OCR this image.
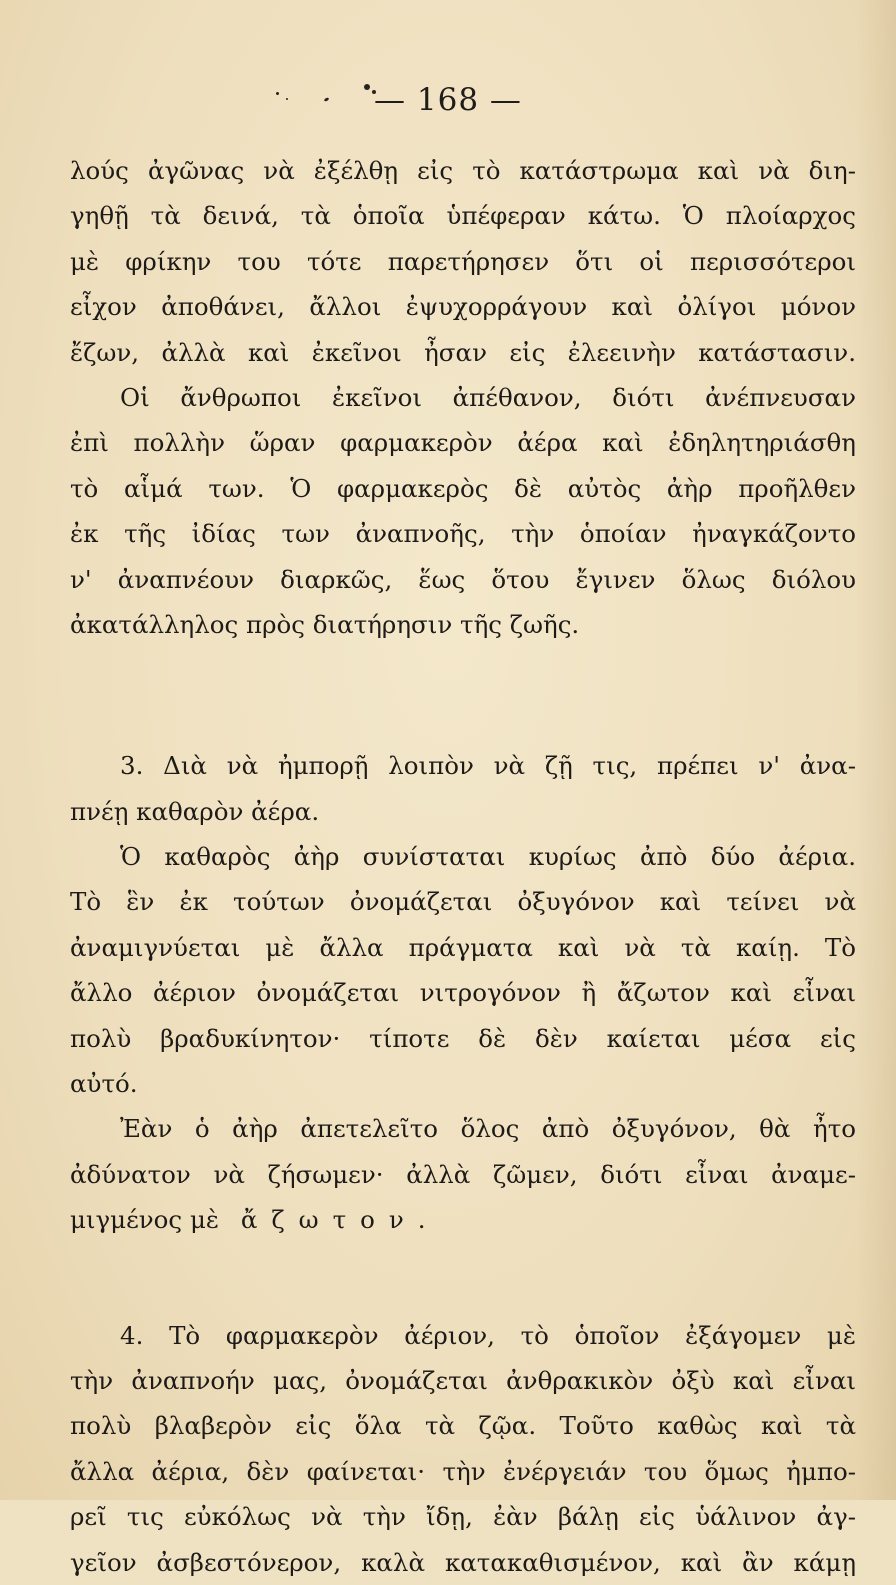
— 168 —
λούς ἀγῶνας νὰ ἐξέλθῃ εἰς τὸ κατάστρωμα καὶ νὰ διη-
γηθῇ τὰ δεινά, τὰ ὁποῖα ὑπέφεραν κάτω. Ὁ πλοίαρχος
μὲ φρίκην του τότε παρετήρησεν ὅτι οἱ περισσότεροι
εἶχον ἀποθάνει, ἄλλοι ἐψυχορράγουν καὶ ὀλίγοι μόνον
ἔζων, ἀλλὰ καὶ ἐκεῖνοι ἦσαν εἰς ἐλεεινὴν κατάστασιν.
Οἱ ἄνθρωποι ἐκεῖνοι ἀπέθανον, διότι ἀνέπνευσαν
ἐπὶ πολλὴν ὥραν φαρμακερὸν ἀέρα καὶ ἐδηλητηριάσθη
τὸ αἷμά των. Ὁ φαρμακερὸς δὲ αὐτὸς ἀὴρ προῆλθεν
ἐκ τῆς ἰδίας των ἀναπνοῆς, τὴν ὁποίαν ἠναγκάζοντο
ν' ἀναπνέουν διαρκῶς, ἕως ὅτου ἔγινεν ὅλως διόλου
ἀκατάλληλος πρὸς διατήρησιν τῆς ζωῆς.
3. Διὰ νὰ ἠμπορῇ λοιπὸν νὰ ζῇ τις, πρέπει ν' ἀνα-
πνέῃ καθαρὸν ἀέρα.
Ὁ καθαρὸς ἀὴρ συνίσταται κυρίως ἀπὸ δύο ἀέρια.
Τὸ ἓν ἐκ τούτων ὀνομάζεται ὀξυγόνον καὶ τείνει νὰ
ἀναμιγνύεται μὲ ἄλλα πράγματα καὶ νὰ τὰ καίῃ. Τὸ
ἄλλο ἀέριον ὀνομάζεται νιτρογόνον ἢ ἄζωτον καὶ εἶναι
πολὺ βραδυκίνητον· τίποτε δὲ δὲν καίεται μέσα εἰς
αὐτό.
Ἐὰν ὁ ἀὴρ ἀπετελεῖτο ὅλος ἀπὸ ὀξυγόνον, θὰ ἦτο
ἀδύνατον νὰ ζήσωμεν· ἀλλὰ ζῶμεν, διότι εἶναι ἀναμε-
μιγμένος μὲ ἄζωτον.
4. Τὸ φαρμακερὸν ἀέριον, τὸ ὁποῖον ἐξάγομεν μὲ
τὴν ἀναπνοήν μας, ὀνομάζεται ἀνθρακικὸν ὀξὺ καὶ εἶναι
πολὺ βλαβερὸν εἰς ὅλα τὰ ζῷα. Τοῦτο καθὼς καὶ τὰ
ἄλλα ἀέρια, δὲν φαίνεται· τὴν ἐνέργειάν του ὅμως ἠμπο-
ρεῖ τις εὐκόλως νὰ τὴν ἴδῃ, ἐὰν βάλῃ εἰς ὑάλινον ἀγ-
γεῖον ἀσβεστόνερον, καλὰ κατακαθισμένον, καὶ ἂν κάμῃ
